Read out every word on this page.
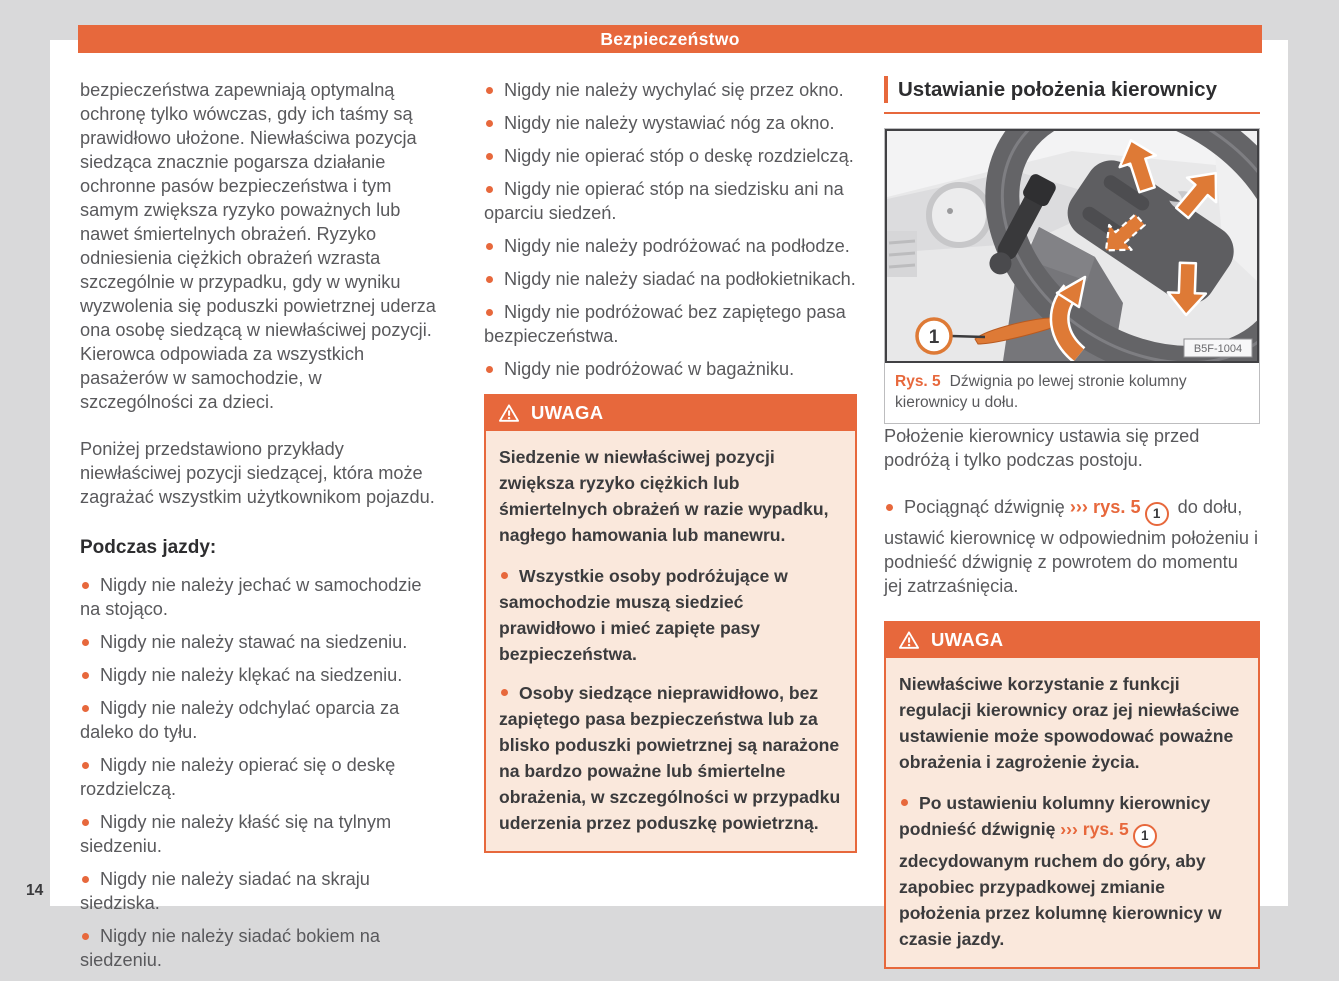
Bezpieczeństwo

bezpieczeństwa zapewniają optymalną ochronę tylko wówczas, gdy ich taśmy są prawidłowo ułożone. Niewłaściwa pozycja siedząca znacznie pogarsza działanie ochronne pasów bezpieczeństwa i tym samym zwiększa ryzyko poważnych lub nawet śmiertelnych obrażeń. Ryzyko odniesienia ciężkich obrażeń wzrasta szczególnie w przypadku, gdy w wyniku wyzwolenia się poduszki powietrznej uderza ona osobę siedzącą w niewłaściwej pozycji. Kierowca odpowiada za wszystkich pasażerów w samochodzie, w szczególności za dzieci.

Poniżej przedstawiono przykłady niewłaściwej pozycji siedzącej, która może zagrażać wszystkim użytkownikom pojazdu.

Podczas jazdy:
Nigdy nie należy jechać w samochodzie na stojąco.
Nigdy nie należy stawać na siedzeniu.
Nigdy nie należy klękać na siedzeniu.
Nigdy nie należy odchylać oparcia za daleko do tyłu.
Nigdy nie należy opierać się o deskę rozdzielczą.
Nigdy nie należy kłaść się na tylnym siedzeniu.
Nigdy nie należy siadać na skraju siedziska.
Nigdy nie należy siadać bokiem na siedzeniu.
Nigdy nie należy wychylać się przez okno.
Nigdy nie należy wystawiać nóg za okno.
Nigdy nie opierać stóp o deskę rozdzielczą.
Nigdy nie opierać stóp na siedzisku ani na oparciu siedzeń.
Nigdy nie należy podróżować na podłodze.
Nigdy nie należy siadać na podłokietnikach.
Nigdy nie podróżować bez zapiętego pasa bezpieczeństwa.
Nigdy nie podróżować w bagażniku.
UWAGA

Siedzenie w niewłaściwej pozycji zwiększa ryzyko ciężkich lub śmiertelnych obrażeń w razie wypadku, nagłego hamowania lub manewru.

Wszystkie osoby podróżujące w samochodzie muszą siedzieć prawidłowo i mieć zapięte pasy bezpieczeństwa.
Osoby siedzące nieprawidłowo, bez zapiętego pasa bezpieczeństwa lub za blisko poduszki powietrznej są narażone na bardzo poważne lub śmiertelne obrażenia, w szczególności w przypadku uderzenia przez poduszkę powietrzną.
Ustawianie położenia kierownicy
1
B5F-1004
Rys. 5 Dźwignia po lewej stronie kolumny kierownicy u dołu.

Położenie kierownicy ustawia się przed podróżą i tylko podczas postoju.

Pociągnąć dźwignię ››› rys. 5 1 do dołu, ustawić kierownicę w odpowiednim położeniu i podnieść dźwignię z powrotem do momentu jej zatrzaśnięcia.
UWAGA

Niewłaściwe korzystanie z funkcji regulacji kierownicy oraz jej niewłaściwe ustawienie może spowodować poważne obrażenia i zagrożenie życia.

Po ustawieniu kolumny kierownicy podnieść dźwignię ››› rys. 5 1 zdecydowanym ruchem do góry, aby zapobiec przypadkowej zmianie położenia przez kolumnę kierownicy w czasie jazdy.
14
